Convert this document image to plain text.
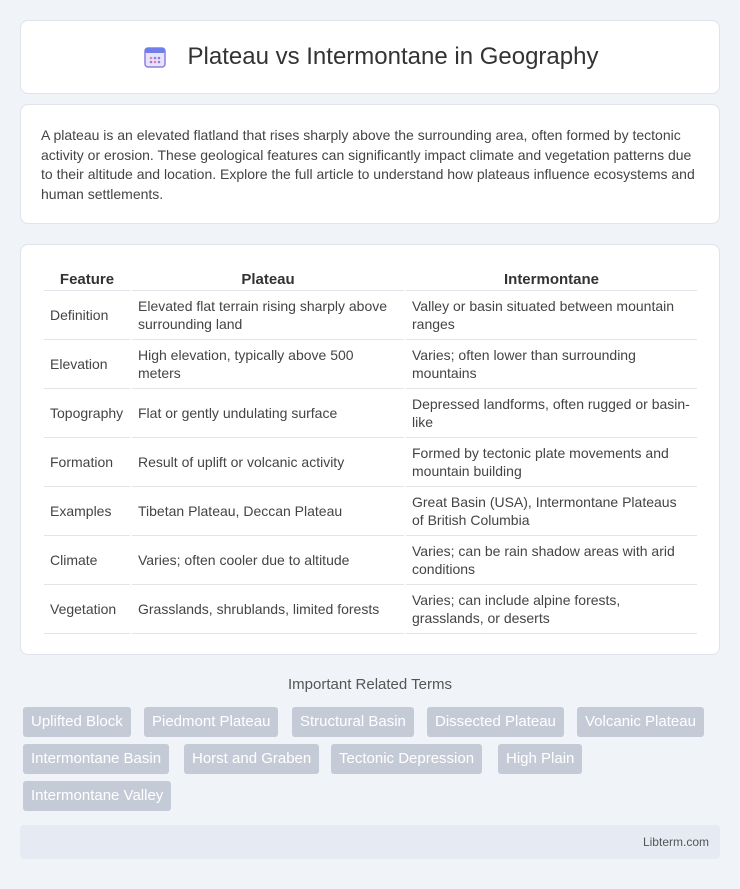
Plateau vs Intermontane in Geography

A plateau is an elevated flatland that rises sharply above the surrounding area, often formed by tectonic activity or erosion. These geological features can significantly impact climate and vegetation patterns due to their altitude and location. Explore the full article to understand how plateaus influence ecosystems and human settlements.

Feature	Plateau	Intermontane
Definition	Elevated flat terrain rising sharply above surrounding land	Valley or basin situated between mountain ranges
Elevation	High elevation, typically above 500 meters	Varies; often lower than surrounding mountains
Topography	Flat or gently undulating surface	Depressed landforms, often rugged or basin-like
Formation	Result of uplift or volcanic activity	Formed by tectonic plate movements and mountain building
Examples	Tibetan Plateau, Deccan Plateau	Great Basin (USA), Intermontane Plateaus of British Columbia
Climate	Varies; often cooler due to altitude	Varies; can be rain shadow areas with arid conditions
Vegetation	Grasslands, shrublands, limited forests	Varies; can include alpine forests, grasslands, or deserts
Important Related Terms
Uplifted Block	Piedmont Plateau	Structural Basin	Dissected Plateau	Volcanic Plateau
Intermontane Basin	Horst and Graben	Tectonic Depression	High Plain
Intermontane Valley
Libterm.com
